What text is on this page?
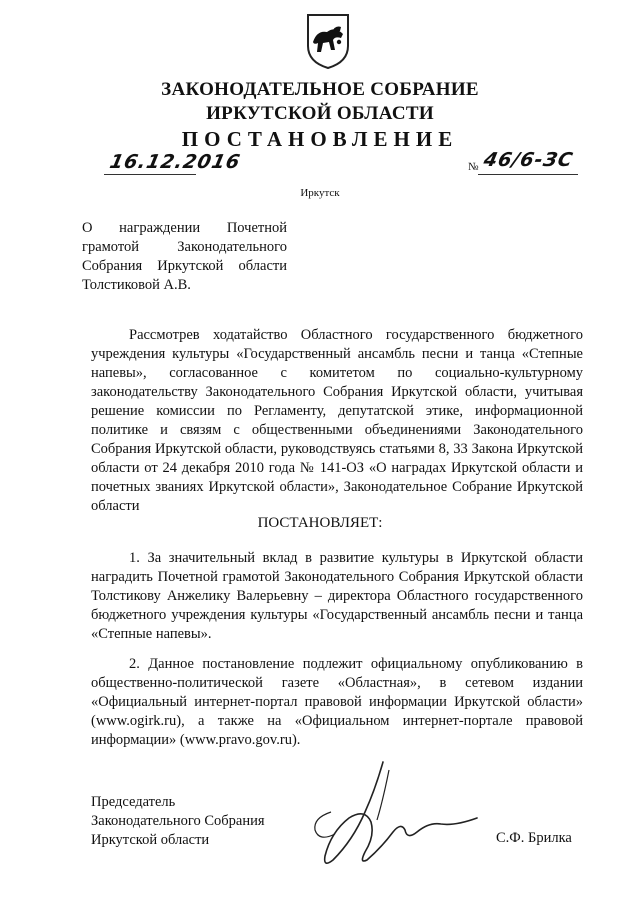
ЗАКОНОДАТЕЛЬНОЕ СОБРАНИЕ
ИРКУТСКОЙ ОБЛАСТИ
ПОСТАНОВЛЕНИЕ
16.12.2016	№ 46/6-ЗС
Иркутск
О награждении Почетной грамотой Законодательного Собрания Иркутской области Толстиковой А.В.
Рассмотрев ходатайство Областного государственного бюджетного учреждения культуры «Государственный ансамбль песни и танца «Степные напевы», согласованное с комитетом по социально-культурному законодательству Законодательного Собрания Иркутской области, учитывая решение комиссии по Регламенту, депутатской этике, информационной политике и связям с общественными объединениями Законодательного Собрания Иркутской области, руководствуясь статьями 8, 33 Закона Иркутской области от 24 декабря 2010 года № 141-ОЗ «О наградах Иркутской области и почетных званиях Иркутской области», Законодательное Собрание Иркутской области
ПОСТАНОВЛЯЕТ:
1. За значительный вклад в развитие культуры в Иркутской области наградить Почетной грамотой Законодательного Собрания Иркутской области Толстикову Анжелику Валерьевну – директора Областного государственного бюджетного учреждения культуры «Государственный ансамбль песни и танца «Степные напевы».
2. Данное постановление подлежит официальному опубликованию в общественно-политической газете «Областная», в сетевом издании «Официальный интернет-портал правовой информации Иркутской области» (www.ogirk.ru), а также на «Официальном интернет-портале правовой информации» (www.pravo.gov.ru).
Председатель
Законодательного Собрания
Иркутской области	С.Ф. Брилка
